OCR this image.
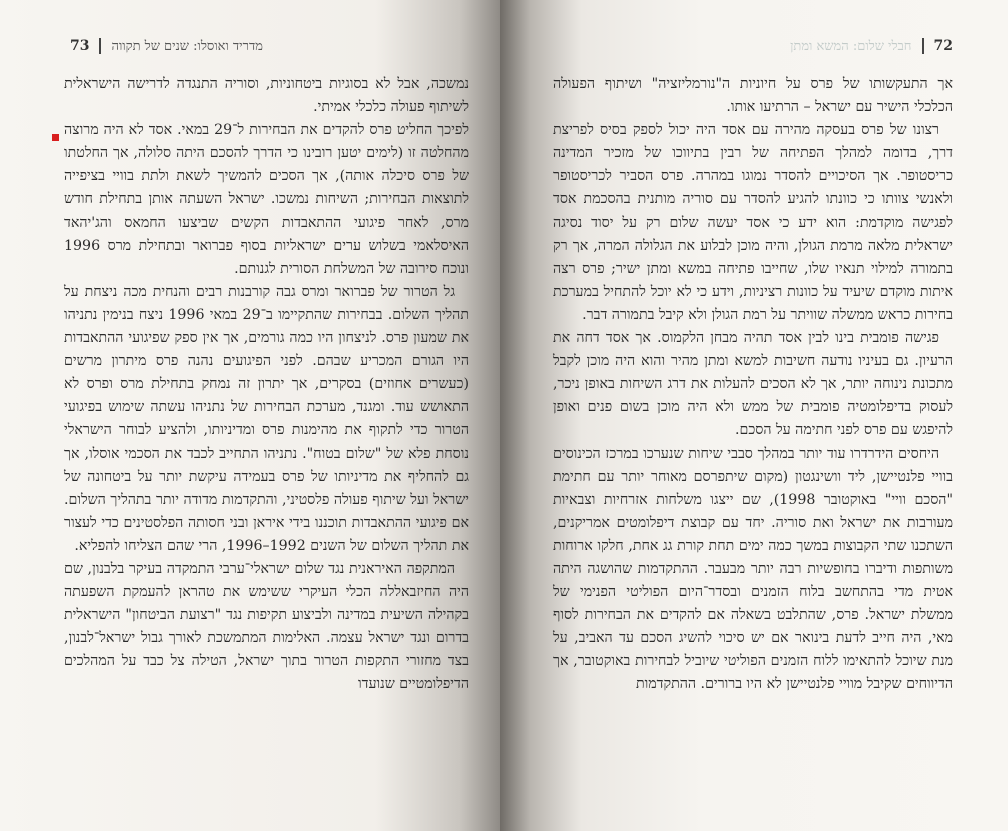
73 מדריד ואוסלו: שנים של תקווה

נמשכה, אבל לא בסוגיות ביטחוניות, וסוריה התנגדה לדרישה הישראלית לשיתוף פעולה כלכלי אמיתי.

לפיכך החליט פרס להקדים את הבחירות ל־29 במאי. אסד לא היה מרוצה מהחלטה זו (לימים יטען רובינו כי הדרך להסכם היתה סלולה, אך החלטתו של פרס סיכלה אותה), אך הסכים להמשיך לשאת ולתת בוויי בציפייה לתוצאות הבחירות; השיחות נמשכו. ישראל השעתה אותן בתחילת חודש מרס, לאחר פיגועי ההתאבדות הקשים שביצעו החמאס והג'יהאד האיסלאמי בשלוש ערים ישראליות בסוף פברואר ובתחילת מרס 1996 ונוכח סירובה של המשלחת הסורית לגנותם.

גל הטרור של פברואר ומרס גבה קורבנות רבים והנחית מכה ניצחת על תהליך השלום. בבחירות שהתקיימו ב־29 במאי 1996 ניצח בנימין נתניהו את שמעון פרס. לניצחון היו כמה גורמים, אך אין ספק שפיגועי ההתאבדות היו הגורם המכריע שבהם. לפני הפיגועים נהנה פרס מיתרון מרשים (כעשרים אחוזים) בסקרים, אך יתרון זה נמחק בתחילת מרס ופרס לא התאושש עוד. ומגנד, מערכת הבחירות של נתניהו עשתה שימוש בפיגועי הטרור כדי לתקוף את מהימנות פרס ומדיניותו, ולהציע לבוחר הישראלי נוסחת פלא של "שלום בטוח". נתניהו התחייב לכבד את הסכמי אוסלו, אך גם להחליף את מדיניותו של פרס בעמידה עיקשת יותר על ביטחונה של ישראל ועל שיתוף פעולה פלסטיני, והתקדמות מדודה יותר בתהליך השלום. אם פיגועי ההתאבדות תוכננו בידי איראן ובני חסותה הפלסטינים כדי לעצור את תהליך השלום של השנים 1992–1996, הרי שהם הצליחו להפליא.

המתקפה האיראנית נגד שלום ישראלי־ערבי התמקדה בעיקר בלבנון, שם היה החיזבאללה הכלי העיקרי ששימש את טהראן להעמקת השפעתה בקהילה השיעית במדינה ולביצוע תקיפות נגד "רצועת הביטחון" הישראלית בדרום ונגד ישראל עצמה. האלימות המתמשכת לאורך גבול ישראל־לבנון, בצד מחזורי התקפות הטרור בתוך ישראל, הטילה צל כבד על המהלכים הדיפלומטיים שנועדו

חבלי שלום: המשא ומתן 72

אך התעקשותו של פרס על חיוניות ה"נורמליזציה" ושיתוף הפעולה הכלכלי הישיר עם ישראל – הרתיעו אותו.

רצונו של פרס בעסקה מהירה עם אסד היה יכול לספק בסיס לפריצת דרך, בדומה למהלך הפתיחה של רבין בתיווכו של מזכיר המדינה כריסטופר. אך הסיכויים להסדר נמוגו במהרה. פרס הסביר לכריסטופר ולאנשי צוותו כי כוונתו להגיע להסדר עם סוריה מותנית בהסכמת אסד לפגישה מוקדמת: הוא ידע כי אסד יעשה שלום רק על יסוד נסיגה ישראלית מלאה מרמת הגולן, והיה מוכן לבלוע את הגלולה המרה, אך רק בתמורה למילוי תנאיו שלו, שחייבו פתיחה במשא ומתן ישיר; פרס רצה איתות מוקדם שיעיד על כוונות רציניות, וידע כי לא יוכל להתחיל במערכת בחירות כראש ממשלה שוויתר על רמת הגולן ולא קיבל בתמורה דבר.

פגישה פומבית בינו לבין אסד תהיה מבחן הלקמוס. אך אסד דחה את הרעיון. גם בעיניו נודעה חשיבות למשא ומתן מהיר והוא היה מוכן לקבל מתכונת נינוחה יותר, אך לא הסכים להעלות את דרג השיחות באופן ניכר, לעסוק בדיפלומטיה פומבית של ממש ולא היה מוכן בשום פנים ואופן להיפגש עם פרס לפני חתימה על הסכם.

היחסים הידרדרו עוד יותר במהלך סבבי שיחות שנערכו במרכז הכינוסים בוויי פלנטיישן, ליד וושינגטון (מקום שיתפרסם מאוחר יותר עם חתימת "הסכם וויי" באוקטובר 1998), שם ייצגו משלחות אזרחיות וצבאיות מעורבות את ישראל ואת סוריה. יחד עם קבוצת דיפלומטים אמריקנים, השתכנו שתי הקבוצות במשך כמה ימים תחת קורת גג אחת, חלקו ארוחות משותפות ודיברו בחופשיות רבה יותר מבעבר. ההתקדמות שהושגה היתה אטית מדי בהתחשב בלוח הזמנים ובסדר־היום הפוליטי הפנימי של ממשלת ישראל. פרס, שהתלבט בשאלה אם להקדים את הבחירות לסוף מאי, היה חייב לדעת בינואר אם יש סיכוי להשיג הסכם עד האביב, על מנת שיוכל להתאימו ללוח הזמנים הפוליטי שיוביל לבחירות באוקטובר, אך הדיווחים שקיבל מוויי פלנטיישן לא היו ברורים. ההתקדמות
